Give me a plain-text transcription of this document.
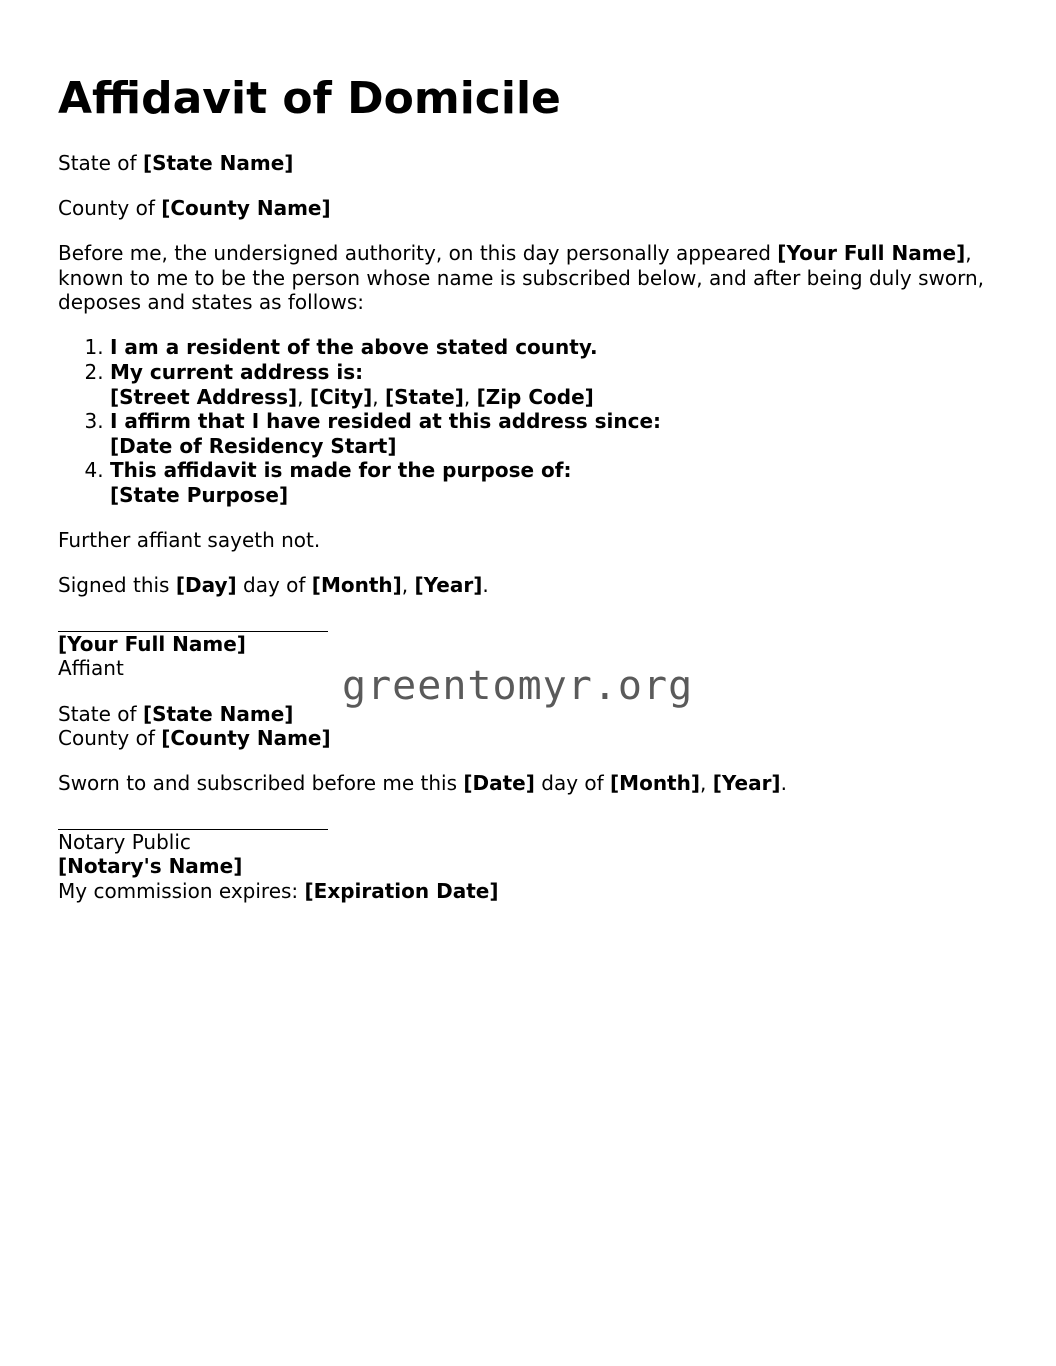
Affidavit of Domicile

State of [State Name]

County of [County Name]

Before me, the undersigned authority, on this day personally appeared [Your Full Name], known to me to be the person whose name is subscribed below, and after being duly sworn, deposes and states as follows:

1. I am a resident of the above stated county.
2. My current address is:
[Street Address], [City], [State], [Zip Code]
3. I affirm that I have resided at this address since:
[Date of Residency Start]
4. This affidavit is made for the purpose of:
[State Purpose]

Further affiant sayeth not.

Signed this [Day] day of [Month], [Year].

[Your Full Name]

Affiant

State of [State Name]

County of [County Name]

Sworn to and subscribed before me this [Date] day of [Month], [Year].

Notary Public

[Notary's Name]

My commission expires: [Expiration Date]

greentomyr.org
